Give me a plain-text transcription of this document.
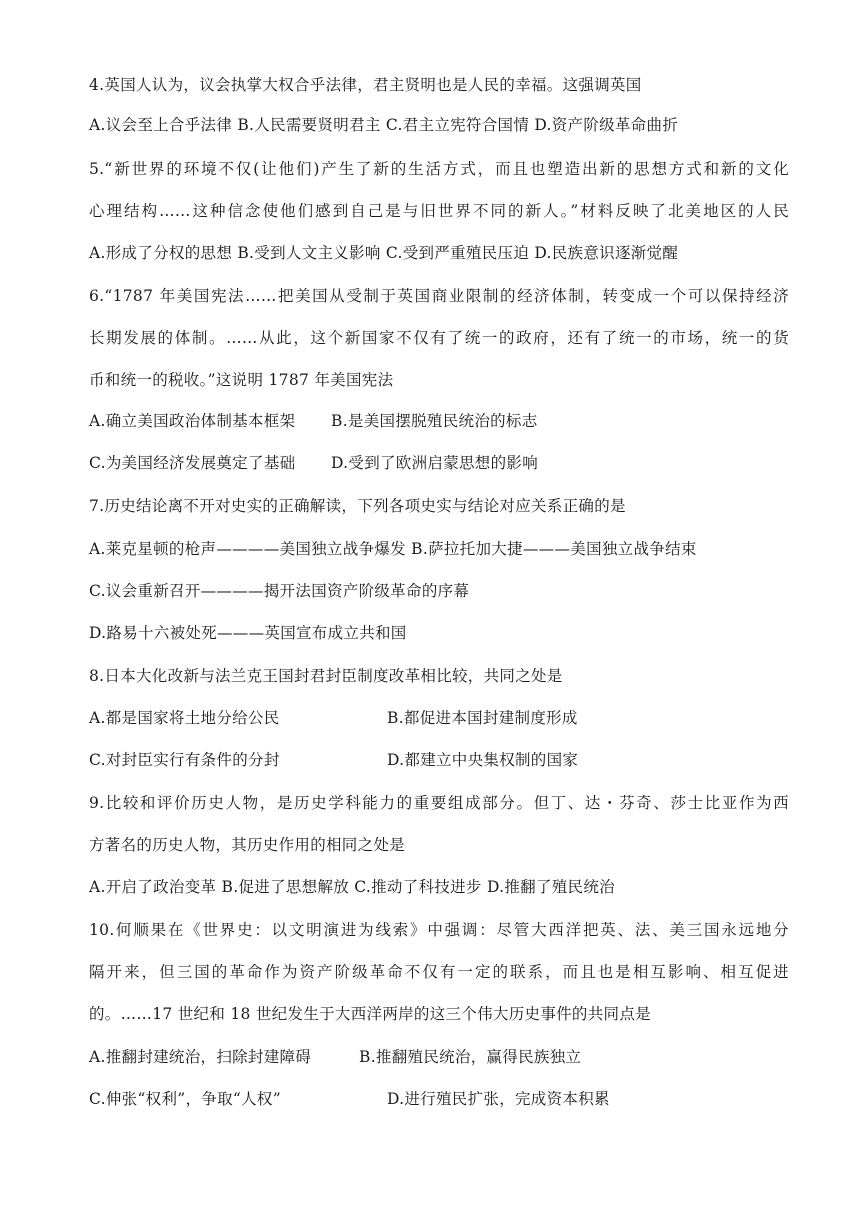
4.英国人认为，议会执掌大权合乎法律，君主贤明也是人民的幸福。这强调英国
A.议会至上合乎法律 B.人民需要贤明君主 C.君主立宪符合国情 D.资产阶级革命曲折
5.“新世界的环境不仅(让他们)产生了新的生活方式，而且也塑造出新的思想方式和新的文化
心理结构……这种信念使他们感到自己是与旧世界不同的新人。”材料反映了北美地区的人民
A.形成了分权的思想 B.受到人文主义影响 C.受到严重殖民压迫 D.民族意识逐渐觉醒
6.“1787 年美国宪法……把美国从受制于英国商业限制的经济体制，转变成一个可以保持经济
长期发展的体制。……从此，这个新国家不仅有了统一的政府，还有了统一的市场，统一的货
币和统一的税收。”这说明 1787 年美国宪法
A.确立美国政治体制基本框架 B.是美国摆脱殖民统治的标志
C.为美国经济发展奠定了基础 D.受到了欧洲启蒙思想的影响
7.历史结论离不开对史实的正确解读，下列各项史实与结论对应关系正确的是
A.莱克星顿的枪声————美国独立战争爆发 B.萨拉托加大捷———美国独立战争结束
C.议会重新召开————揭开法国资产阶级革命的序幕
D.路易十六被处死———英国宣布成立共和国
8.日本大化改新与法兰克王国封君封臣制度改革相比较，共同之处是
A.都是国家将土地分给公民	B.都促进本国封建制度形成
C.对封臣实行有条件的分封	D.都建立中央集权制的国家
9.比较和评价历史人物，是历史学科能力的重要组成部分。但丁、达・芬奇、莎士比亚作为西
方著名的历史人物，其历史作用的相同之处是
A.开启了政治变革 B.促进了思想解放 C.推动了科技进步 D.推翻了殖民统治
10.何顺果在《世界史：以文明演进为线索》中强调：尽管大西洋把英、法、美三国永远地分
隔开来，但三国的革命作为资产阶级革命不仅有一定的联系，而且也是相互影响、相互促进
的。……17 世纪和 18 世纪发生于大西洋两岸的这三个伟大历史事件的共同点是
A.推翻封建统治，扫除封建障碍	B.推翻殖民统治，赢得民族独立
C.伸张“权利”，争取“人权”	D.进行殖民扩张，完成资本积累
